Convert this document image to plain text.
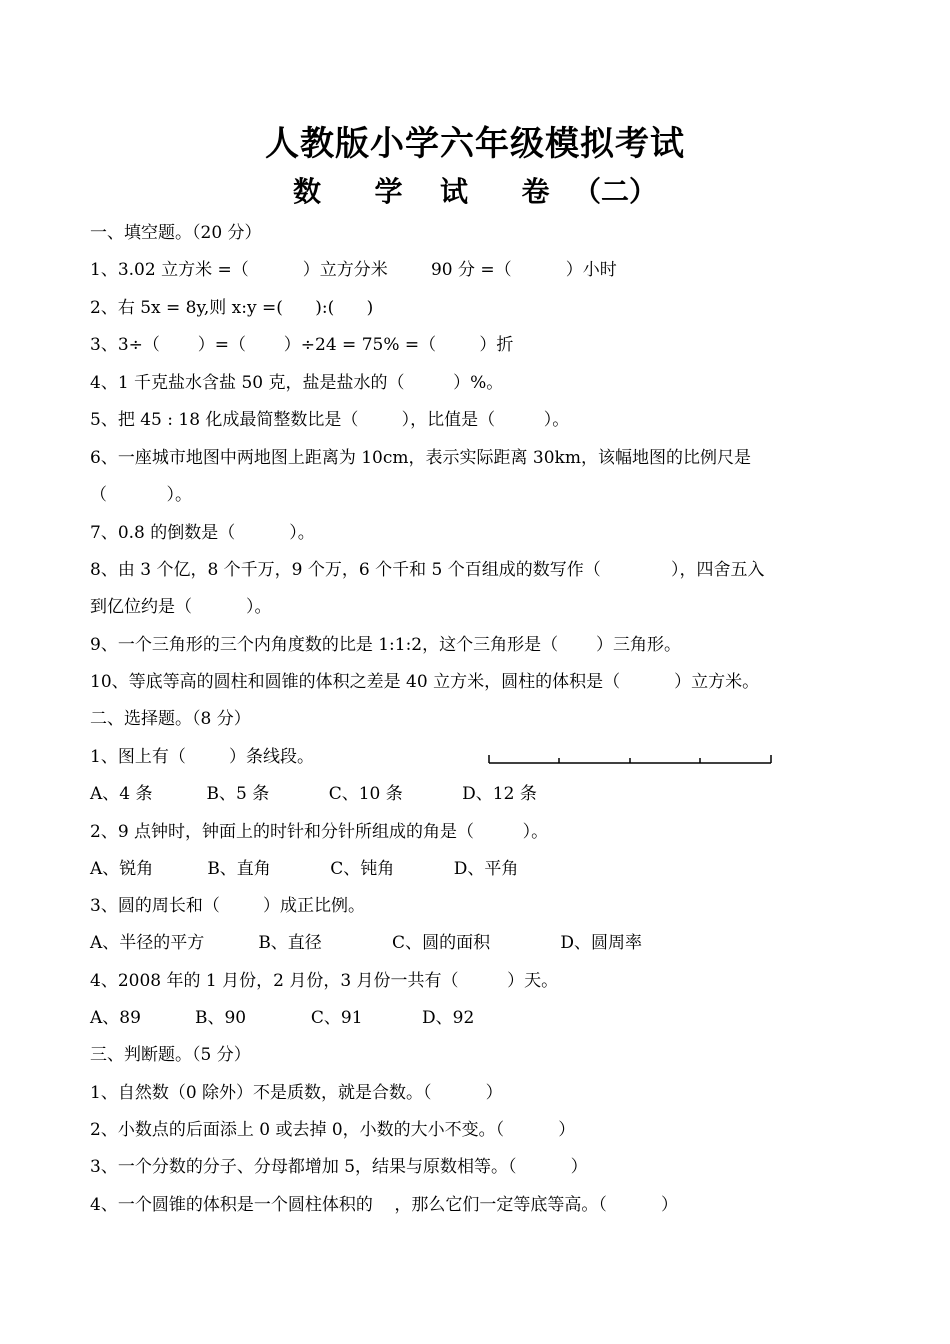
人教版小学六年级模拟考试
数 学 试 卷 （二）
一、填空题。（20 分）
1、3.02 立方米 =（          ）立方分米        90 分 =（          ）小时
2、右 5x = 8y,则 x:y =(      ):(      )
3、3÷（       ）=（       ）÷24 = 75% =（        ）折
4、1 千克盐水含盐 50 克，盐是盐水的（         ）%。
5、把 45 : 18 化成最简整数比是（        ），比值是（         ）。
6、一座城市地图中两地图上距离为 10cm，表示实际距离 30km，该幅地图的比例尺是
（           ）。
7、0.8 的倒数是（          ）。
8、由 3 个亿，8 个千万，9 个万，6 个千和 5 个百组成的数写作（             ），四舍五入
到亿位约是（          ）。
9、一个三角形的三个内角度数的比是 1:1:2，这个三角形是（       ）三角形。
10、等底等高的圆柱和圆锥的体积之差是 40 立方米，圆柱的体积是（          ）立方米。
二、选择题。（8 分）
1、图上有（        ）条线段。
A、4 条          B、5 条           C、10 条           D、12 条
2、9 点钟时，钟面上的时针和分针所组成的角是（         ）。
A、锐角          B、直角           C、钝角           D、平角
3、圆的周长和（        ）成正比例。
A、半径的平方          B、直径             C、圆的面积             D、圆周率
4、2008 年的 1 月份，2 月份，3 月份一共有（         ）天。
A、89          B、90            C、91           D、92
三、判断题。（5 分）
1、自然数（0 除外）不是质数，就是合数。（          ）
2、小数点的后面添上 0 或去掉 0，小数的大小不变。（          ）
3、一个分数的分子、分母都增加 5，结果与原数相等。（          ）
4、一个圆锥的体积是一个圆柱体积的    ，那么它们一定等底等高。（          ）
